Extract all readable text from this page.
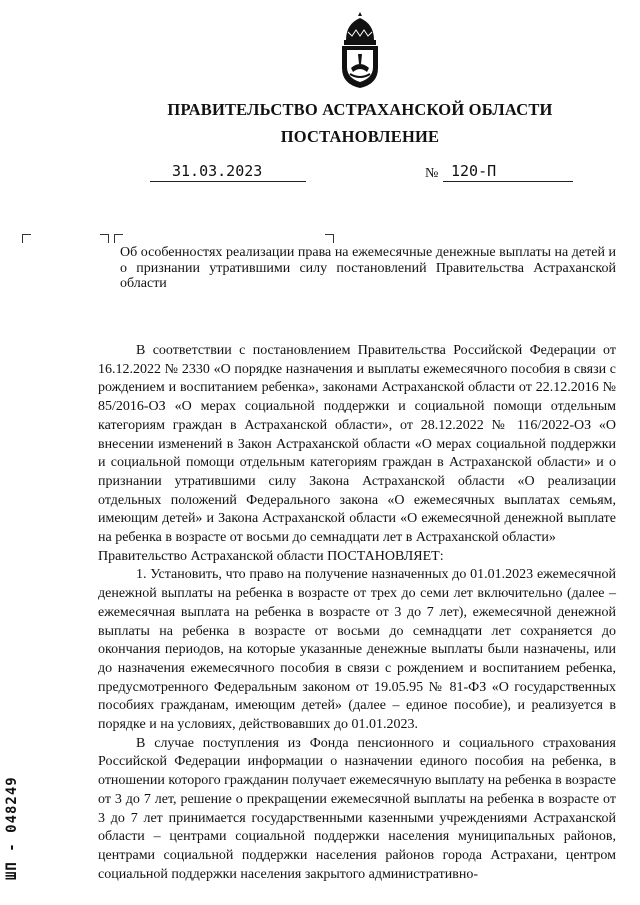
ПРАВИТЕЛЬСТВО АСТРАХАНСКОЙ ОБЛАСТИ
ПОСТАНОВЛЕНИЕ
31.03.2023	№ 120-П
Об особенностях реализации права на ежемесячные денежные выплаты на детей и о признании утратившими силу постановлений Правительства Астраханской области

В соответствии с постановлением Правительства Российской Федерации от 16.12.2022 № 2330 «О порядке назначения и выплаты ежемесячного пособия в связи с рождением и воспитанием ребенка», законами Астраханской области от 22.12.2016 № 85/2016-ОЗ «О мерах социальной поддержки и социальной помощи отдельным категориям граждан в Астраханской области», от 28.12.2022 № 116/2022-ОЗ «О внесении изменений в Закон Астраханской области «О мерах социальной поддержки и социальной помощи отдельным категориям граждан в Астраханской области» и о признании утратившими силу Закона Астраханской области «О реализации отдельных положений Федерального закона «О ежемесячных выплатах семьям, имеющим детей» и Закона Астраханской области «О ежемесячной денежной выплате на ребенка в возрасте от восьми до семнадцати лет в Астраханской области»

Правительство Астраханской области ПОСТАНОВЛЯЕТ:

1. Установить, что право на получение назначенных до 01.01.2023 ежемесячной денежной выплаты на ребенка в возрасте от трех до семи лет включительно (далее – ежемесячная выплата на ребенка в возрасте от 3 до 7 лет), ежемесячной денежной выплаты на ребенка в возрасте от восьми до семнадцати лет сохраняется до окончания периодов, на которые указанные денежные выплаты были назначены, или до назначения ежемесячного пособия в связи с рождением и воспитанием ребенка, предусмотренного Федеральным законом от 19.05.95 № 81-ФЗ «О государственных пособиях гражданам, имеющим детей» (далее – единое пособие), и реализуется в порядке и на условиях, действовавших до 01.01.2023.

В случае поступления из Фонда пенсионного и социального страхования Российской Федерации информации о назначении единого пособия на ребенка, в отношении которого гражданин получает ежемесячную выплату на ребенка в возрасте от 3 до 7 лет, решение о прекращении ежемесячной выплаты на ребенка в возрасте от 3 до 7 лет принимается государственными казенными учреждениями Астраханской области – центрами социальной поддержки населения муниципальных районов, центрами социальной поддержки населения районов города Астрахани, центром социальной поддержки населения закрытого административно-

ШП - 048249
